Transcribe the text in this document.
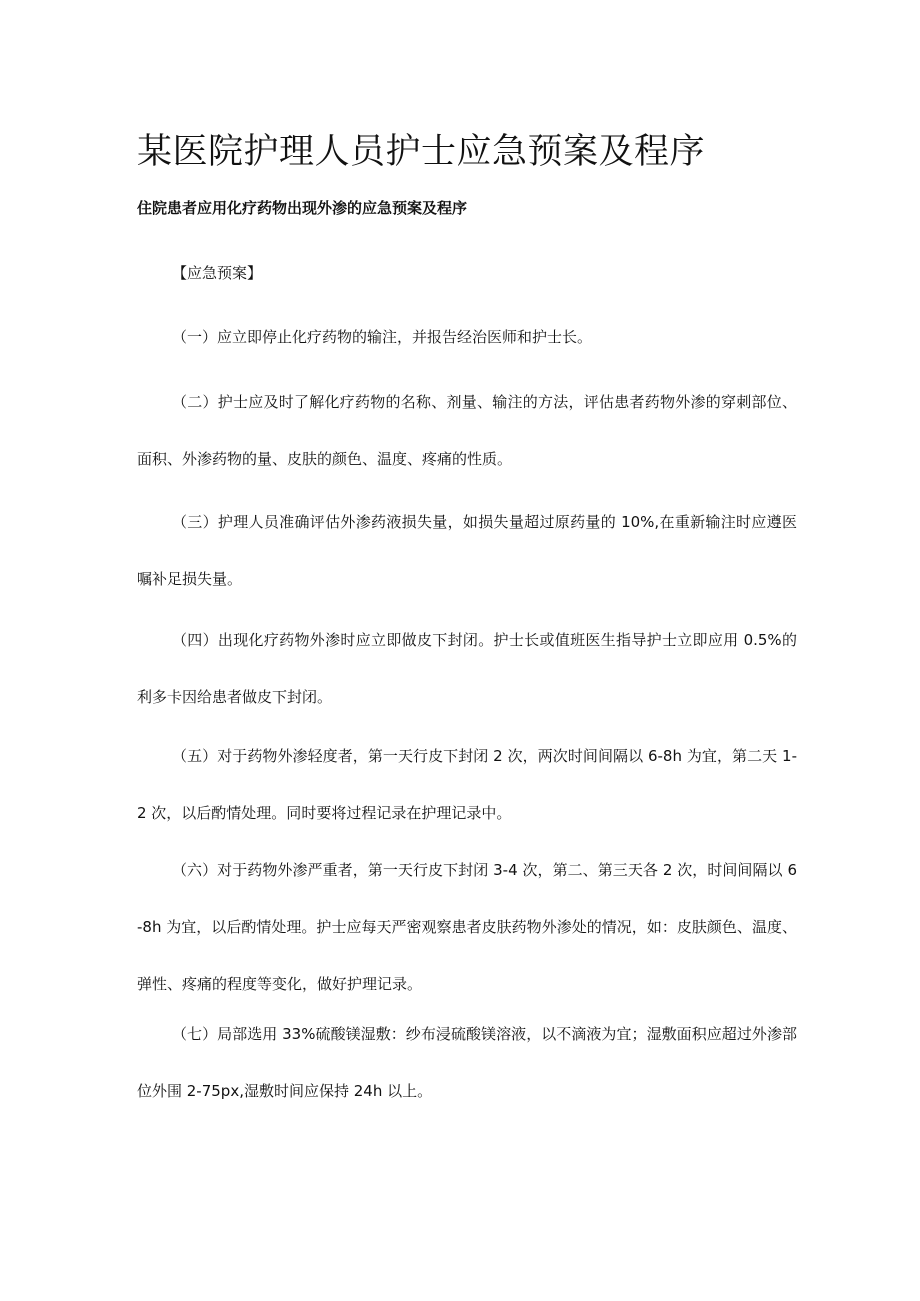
某医院护理人员护士应急预案及程序
住院患者应用化疗药物出现外渗的应急预案及程序
【应急预案】
（一）应立即停止化疗药物的输注，并报告经治医师和护士长。
（二）护士应及时了解化疗药物的名称、剂量、输注的方法，评估患者药物外渗的穿刺部位、面积、外渗药物的量、皮肤的颜色、温度、疼痛的性质。
（三）护理人员准确评估外渗药液损失量，如损失量超过原药量的 10%,在重新输注时应遵医嘱补足损失量。
（四）出现化疗药物外渗时应立即做皮下封闭。护士长或值班医生指导护士立即应用 0.5%的利多卡因给患者做皮下封闭。
（五）对于药物外渗轻度者，第一天行皮下封闭 2 次，两次时间间隔以 6-8h 为宜，第二天 1-2 次，以后酌情处理。同时要将过程记录在护理记录中。
（六）对于药物外渗严重者，第一天行皮下封闭 3-4 次，第二、第三天各 2 次，时间间隔以 6-8h 为宜，以后酌情处理。护士应每天严密观察患者皮肤药物外渗处的情况，如：皮肤颜色、温度、弹性、疼痛的程度等变化，做好护理记录。
（七）局部选用 33%硫酸镁湿敷：纱布浸硫酸镁溶液，以不滴液为宜；湿敷面积应超过外渗部位外围 2-75px,湿敷时间应保持 24h 以上。
